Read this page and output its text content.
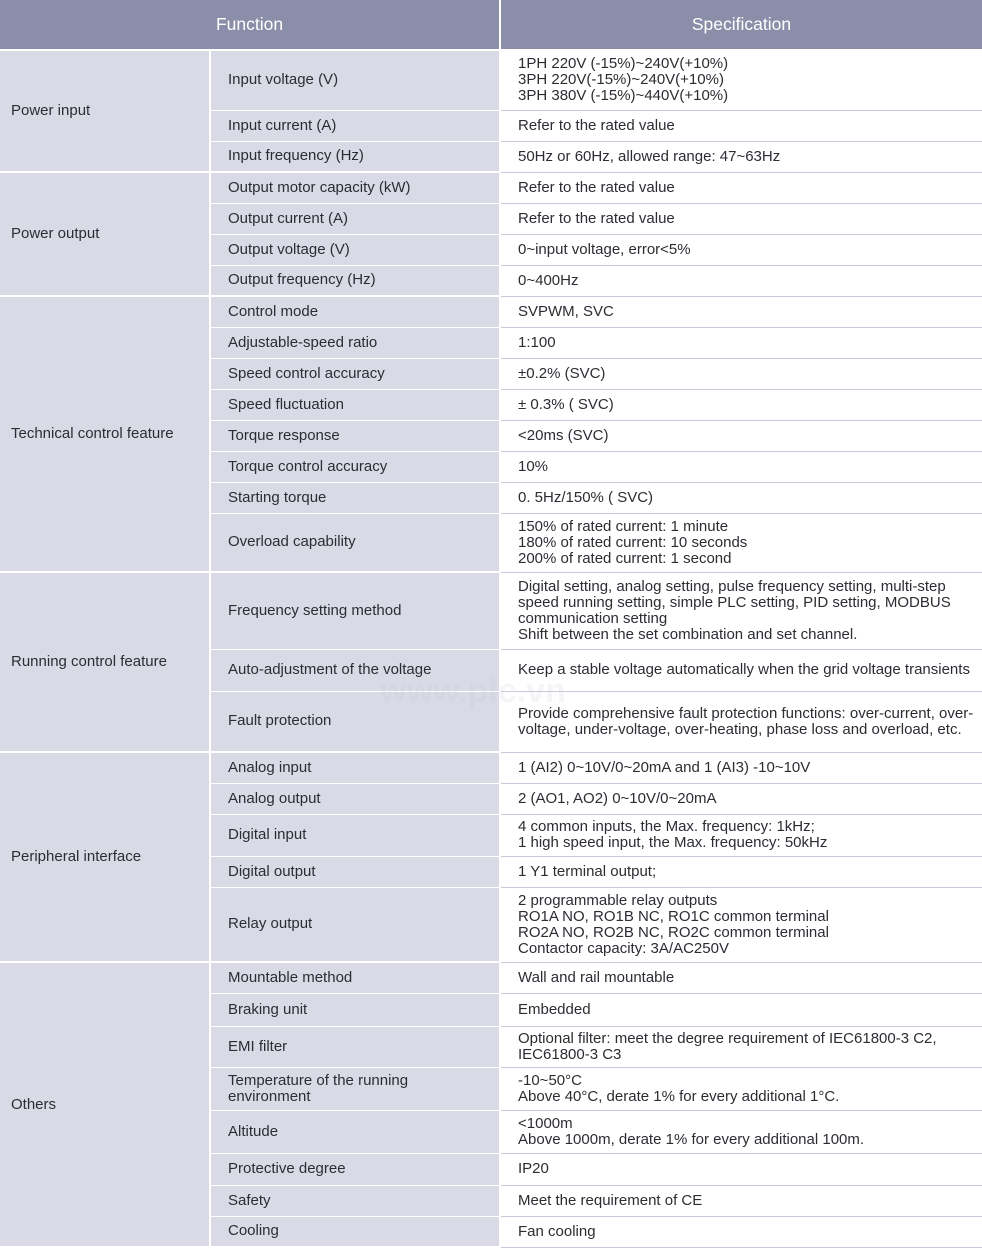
Function		Specification
Power input	Input voltage (V)	1PH 220V (-15%)~240V(+10%)
3PH 220V(-15%)~240V(+10%)
3PH 380V (-15%)~440V(+10%)
	Input current (A)	Refer to the rated value
	Input frequency (Hz)	50Hz or 60Hz, allowed range: 47~63Hz
Power output	Output motor capacity (kW)	Refer to the rated value
	Output current (A)	Refer to the rated value
	Output voltage (V)	0~input voltage, error<5%
	Output frequency (Hz)	0~400Hz
Technical control feature	Control mode	SVPWM, SVC
	Adjustable-speed ratio	1:100
	Speed control accuracy	±0.2% (SVC)
	Speed fluctuation	± 0.3% ( SVC)
	Torque response	<20ms (SVC)
	Torque control accuracy	10%
	Starting torque	0. 5Hz/150% ( SVC)
	Overload capability	150% of rated current: 1 minute
180% of rated current: 10 seconds
200% of rated current: 1 second
Running control feature	Frequency setting method	Digital setting, analog setting, pulse frequency setting, multi-step speed running setting, simple PLC setting, PID setting, MODBUS communication setting
Shift between the set combination and set channel.
	Auto-adjustment of the voltage	Keep a stable voltage automatically when the grid voltage transients
	Fault protection	Provide comprehensive fault protection functions: over-current, over-voltage, under-voltage, over-heating, phase loss and overload, etc.
Peripheral interface	Analog input	1 (AI2) 0~10V/0~20mA and 1 (AI3) -10~10V
	Analog output	2 (AO1, AO2) 0~10V/0~20mA
	Digital input	4 common inputs, the Max. frequency: 1kHz;
1 high speed input, the Max. frequency: 50kHz
	Digital output	1 Y1 terminal output;
	Relay output	2 programmable relay outputs
RO1A NO, RO1B NC, RO1C common terminal
RO2A NO, RO2B NC, RO2C common terminal
Contactor capacity: 3A/AC250V
Others	Mountable method	Wall and rail mountable
	Braking unit	Embedded
	EMI filter	Optional filter: meet the degree requirement of IEC61800-3 C2, IEC61800-3 C3
	Temperature of the running environment	-10~50°C
Above 40°C, derate 1% for every additional 1°C.
	Altitude	<1000m
Above 1000m, derate 1% for every additional 100m.
	Protective degree	IP20
	Safety	Meet the requirement of CE
	Cooling	Fan cooling
